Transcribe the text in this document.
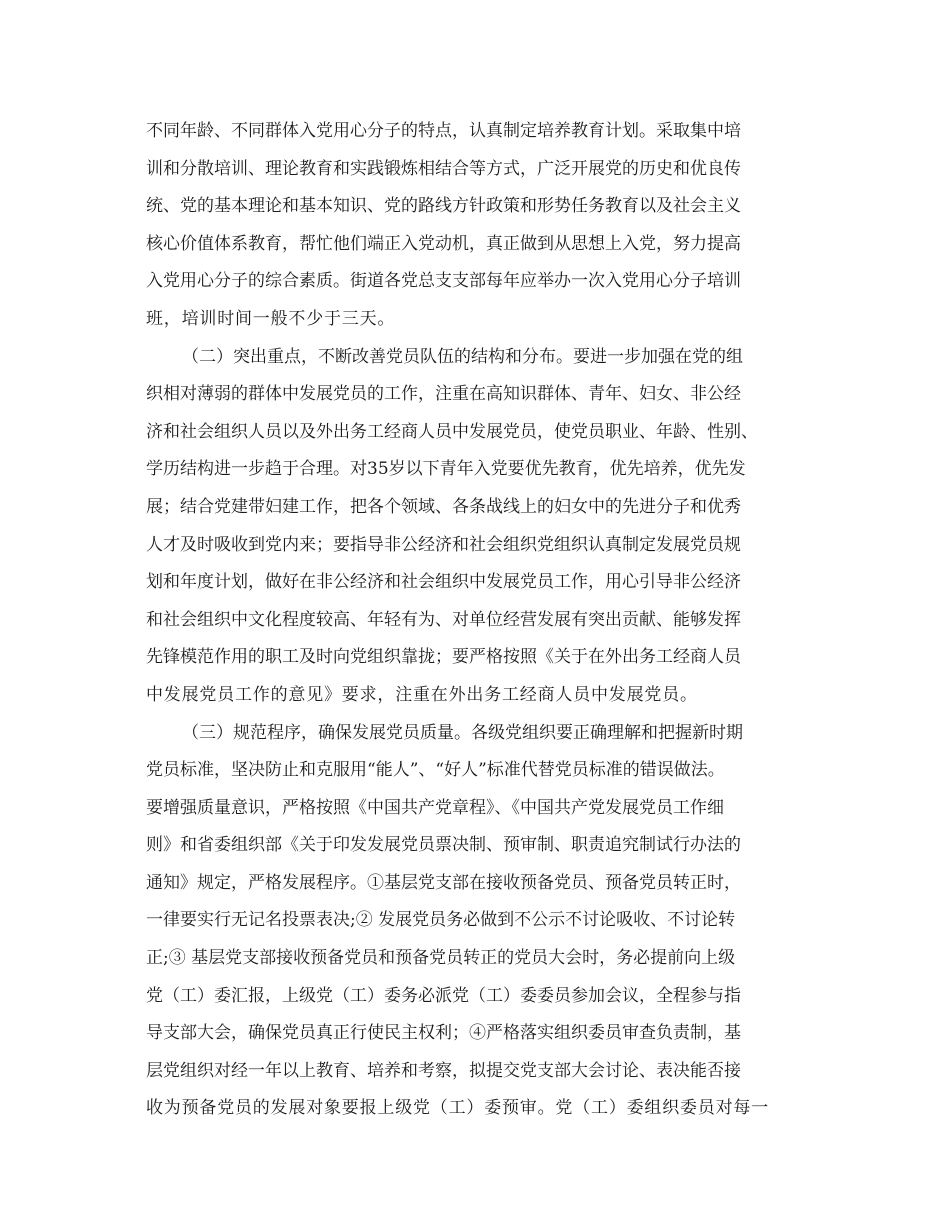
不同年龄、不同群体入党用心分子的特点，认真制定培养教育计划。采取集中培
训和分散培训、理论教育和实践锻炼相结合等方式，广泛开展党的历史和优良传
统、党的基本理论和基本知识、党的路线方针政策和形势任务教育以及社会主义
核心价值体系教育，帮忙他们端正入党动机，真正做到从思想上入党，努力提高
入党用心分子的综合素质。街道各党总支支部每年应举办一次入党用心分子培训
班，培训时间一般不少于三天。
（二）突出重点，不断改善党员队伍的结构和分布。要进一步加强在党的组
织相对薄弱的群体中发展党员的工作，注重在高知识群体、青年、妇女、非公经
济和社会组织人员以及外出务工经商人员中发展党员，使党员职业、年龄、性别、
学历结构进一步趋于合理。对35岁以下青年入党要优先教育，优先培养，优先发
展；结合党建带妇建工作，把各个领域、各条战线上的妇女中的先进分子和优秀
人才及时吸收到党内来；要指导非公经济和社会组织党组织认真制定发展党员规
划和年度计划，做好在非公经济和社会组织中发展党员工作，用心引导非公经济
和社会组织中文化程度较高、年轻有为、对单位经营发展有突出贡献、能够发挥
先锋模范作用的职工及时向党组织靠拢；要严格按照《关于在外出务工经商人员
中发展党员工作的意见》要求，注重在外出务工经商人员中发展党员。
（三）规范程序，确保发展党员质量。各级党组织要正确理解和把握新时期
党员标准，坚决防止和克服用“能人”、“好人”标准代替党员标准的错误做法。
要增强质量意识，严格按照《中国共产党章程》、《中国共产党发展党员工作细
则》和省委组织部《关于印发发展党员票决制、预审制、职责追究制试行办法的
通知》规定，严格发展程序。①基层党支部在接收预备党员、预备党员转正时，
一律要实行无记名投票表决;② 发展党员务必做到不公示不讨论吸收、不讨论转
正;③ 基层党支部接收预备党员和预备党员转正的党员大会时，务必提前向上级
党（工）委汇报，上级党（工）委务必派党（工）委委员参加会议，全程参与指
导支部大会，确保党员真正行使民主权利；④严格落实组织委员审查负责制，基
层党组织对经一年以上教育、培养和考察，拟提交党支部大会讨论、表决能否接
收为预备党员的发展对象要报上级党（工）委预审。党（工）委组织委员对每一
